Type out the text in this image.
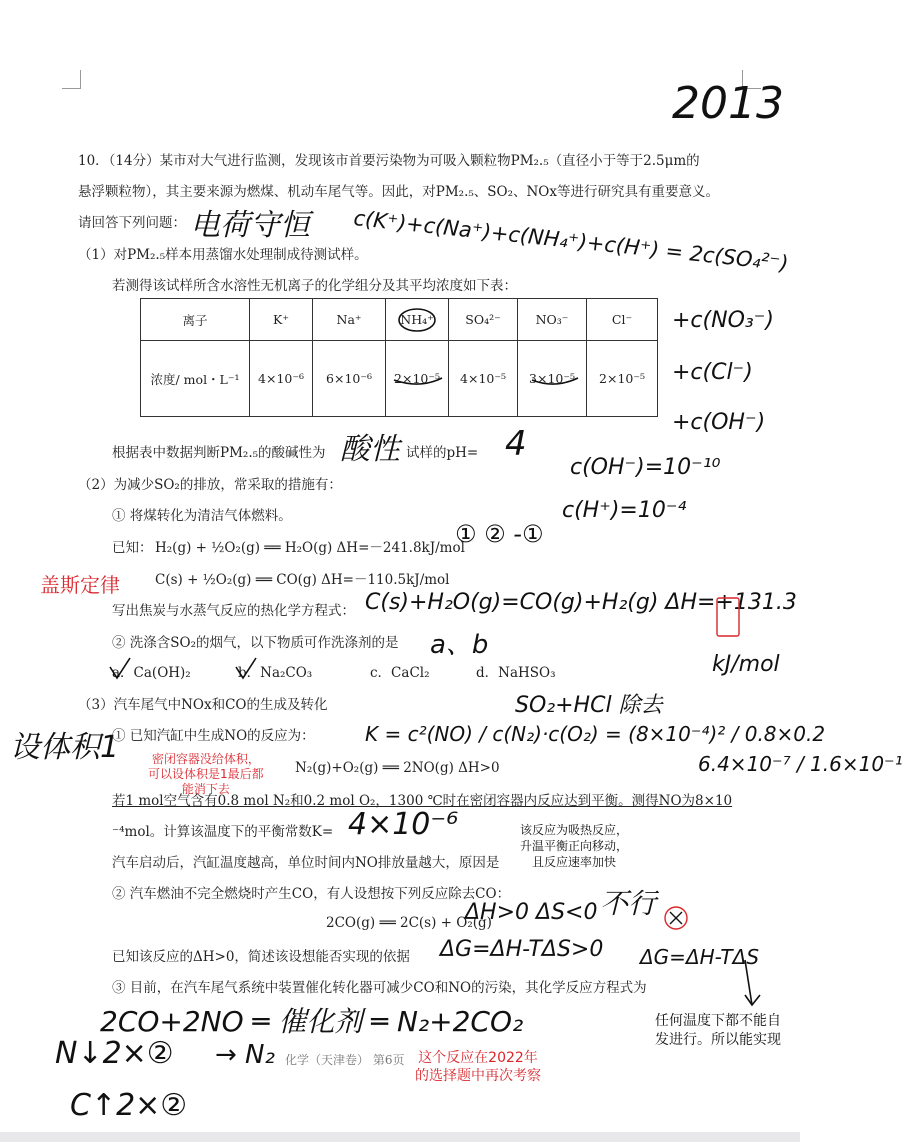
2013
10．（14分）某市对大气进行监测，发现该市首要污染物为可吸入颗粒物PM₂.₅（直径小于等于2.5μm的
悬浮颗粒物），其主要来源为燃煤、机动车尾气等。因此，对PM₂.₅、SO₂、NOx等进行研究具有重要意义。
请回答下列问题： 电荷守恒 c(K⁺)+c(Na⁺)+c(NH₄⁺)+c(H⁺) = 2c(SO₄²⁻)
（1）对PM₂.₅样本用蒸馏水处理制成待测试样。
若测得该试样所含水溶性无机离子的化学组分及其平均浓度如下表：
离子	K⁺	Na⁺	NH₄⁺	SO₄²⁻	NO₃⁻	Cl⁻
浓度/ mol・L⁻¹	4×10⁻⁶	6×10⁻⁶	2×10⁻⁵	4×10⁻⁵	3×10⁻⁵	2×10⁻⁵
+c(NO₃⁻)
+c(Cl⁻)
+c(OH⁻)
根据表中数据判断PM₂.₅的酸碱性为 酸性 试样的pH= 4
c(OH⁻)=10⁻¹⁰
（2）为减少SO₂的排放，常采取的措施有：
c(H⁺)=10⁻⁴
① 将煤转化为清洁气体燃料。
① ② -①
已知： H₂(g) + ½O₂(g) ══ H₂O(g) ΔH=－241.8kJ/mol
盖斯定律	C(s) + ½O₂(g) ══ CO(g) ΔH=－110.5kJ/mol
写出焦炭与水蒸气反应的热化学方程式： C(s)+H₂O(g)=CO(g)+H₂(g) ΔH=+131.3
kJ/mol
② 洗涤含SO₂的烟气，以下物质可作洗涤剂的是 a、b
a．Ca(OH)₂	b．Na₂CO₃	c．CaCl₂	d．NaHSO₃
（3）汽车尾气中NOx和CO的生成及转化	SO₂+HCl 除去
设体积1
① 已知汽缸中生成NO的反应为：	K = c²(NO) / c(N₂)·c(O₂) = (8×10⁻⁴)² / 0.8×0.2
密闭容器没给体积，
可以设体积是1最后都
能消下去
N₂(g)+O₂(g) ══ 2NO(g) ΔH>0	6.4×10⁻⁷ / 1.6×10⁻¹
若1 mol空气含有0.8 mol N₂和0.2 mol O₂，1300 ℃时在密闭容器内反应达到平衡。测得NO为8×10
⁻⁴mol。计算该温度下的平衡常数K= 4×10⁻⁶	该反应为吸热反应，
升温平衡正向移动，
且反应速率加快
汽车启动后，汽缸温度越高，单位时间内NO排放量越大，原因是
② 汽车燃油不完全燃烧时产生CO，有人设想按下列反应除去CO：
2CO(g) ══ 2C(s) + O₂(g)
ΔH>0 ΔS<0 不行
已知该反应的ΔH>0，简述该设想能否实现的依据 ΔG=ΔH-TΔS>0 ΔG=ΔH-TΔS
③ 目前，在汽车尾气系统中装置催化转化器可减少CO和NO的污染，其化学反应方程式为
2CO+2NO ═ 催化剂 ═ N₂+2CO₂	任何温度下都不能自
发进行。所以能实现
N↓2×② → N₂ 化学（天津卷） 第6页 这个反应在2022年
的选择题中再次考察
C↑2×②
